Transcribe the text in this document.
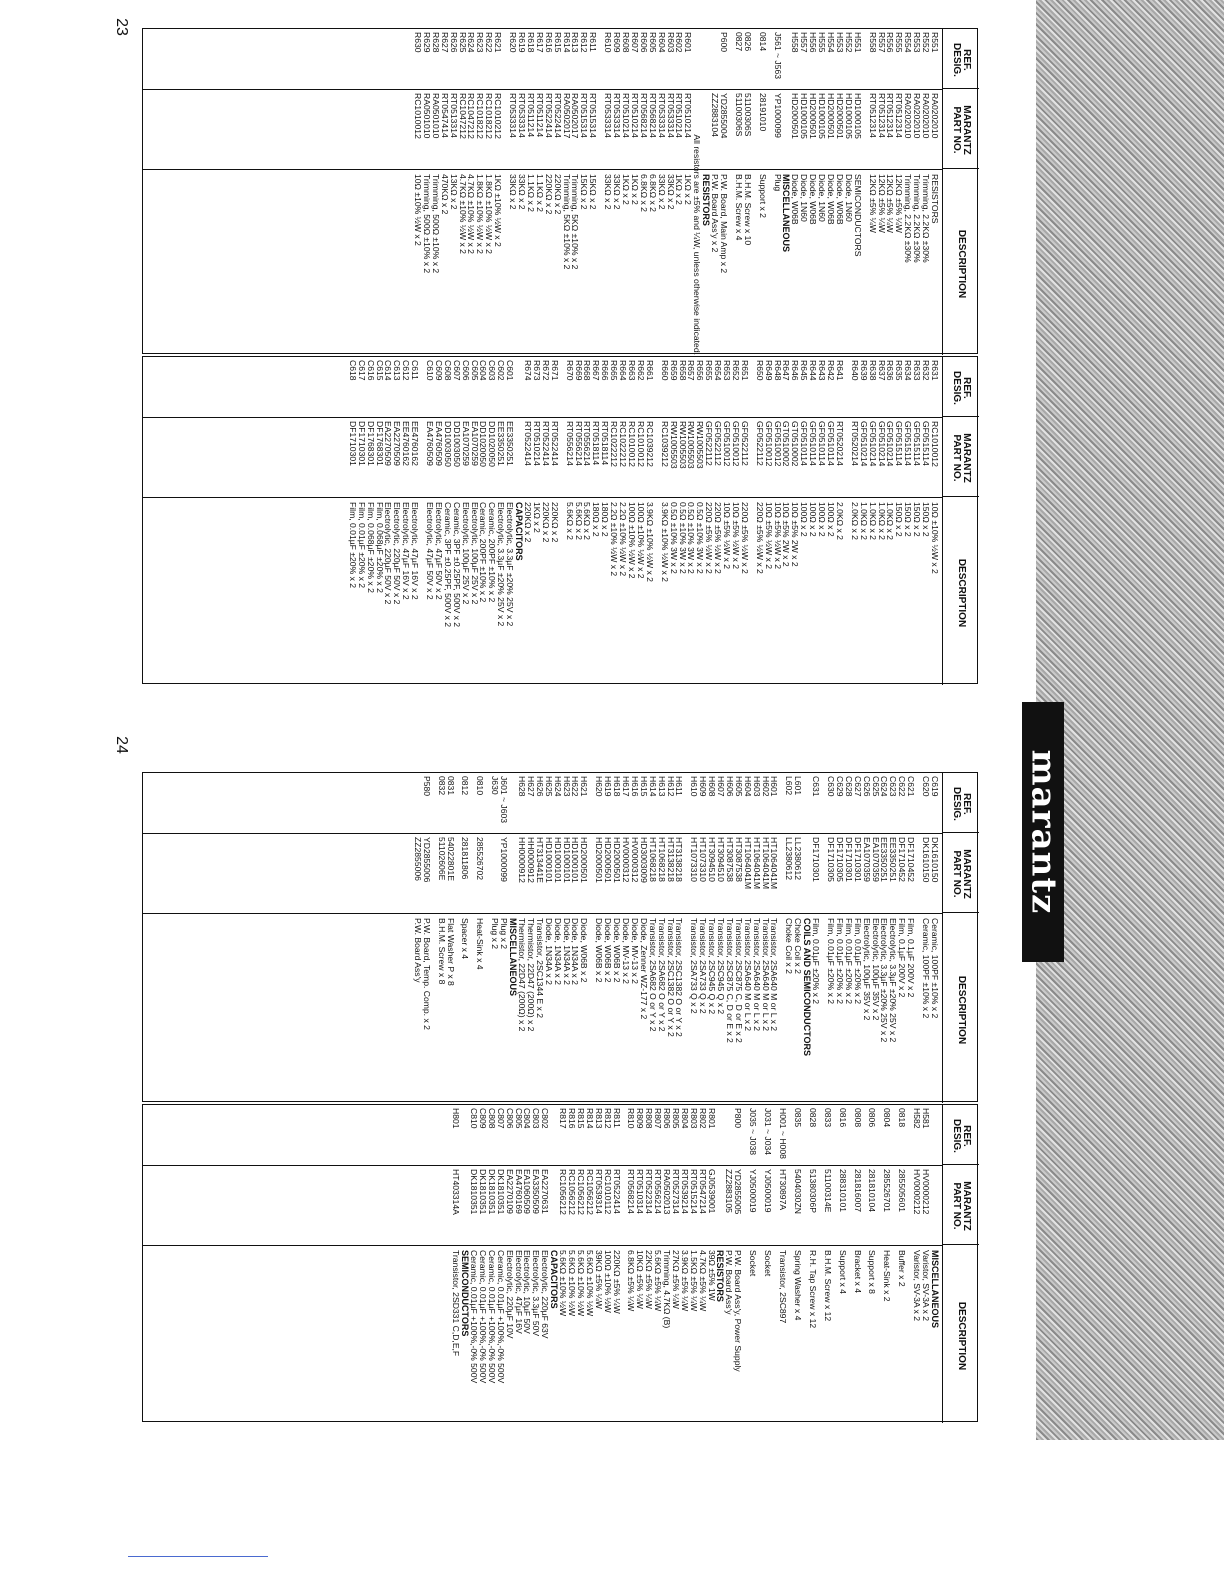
23
24
marantz
REF. DESIG.
MARANTZ PART NO.
DESCRIPTION
R551
RA0202010
RESISTORS
R552
RA0202010
Trimming, 2.2KΩ ±30%
R553
RA0202010
Trimming, 2.2KΩ ±30%
R554
RA0202010
Trimming, 2.2KΩ ±30%
R555
RT0512314
12KΩ ±5% ¼W
R556
RT0512314
12KΩ ±5% ¼W
R557
RT0512314
12KΩ ±5% ¼W
R558
RT0512314
12KΩ ±5% ¼W
H551
HD1000105
SEMICONDUCTORS
H552
HD1000105
Diode, 1N60
H553
HD2000501
Diode, W06B
H554
HD2000501
Diode, W06B
H555
HD1000105
Diode, 1N60
H556
HD2000501
Diode, W06B
H557
HD1000105
Diode, 1N60
H558
HD2000501
Diode, W06B
MISCELLANEOUS
J561 ~ J563
YP1000099
Plug
0814
28191010
Support x 2
0826
51100306S
B.H.M. Screw x 10
0827
51100306S
B.H.M. Screw x 4
P600
YD2855004
P.W. Board, Main Amp x 2
ZZ2883104
P.W. Board Ass'y x 2
RESISTORS
All resistors are ±5% and ¼W, unless otherwise indicated.
R601
RT0510214
1KΩ x 2
R602
RT0510214
1KΩ x 2
R603
RT0533314
33KΩ x 2
R604
RT0533314
33KΩ x 2
R605
RT0568214
6.8KΩ x 2
R606
RT0568214
6.8KΩ x 2
R607
RT0510214
1KΩ x 2
R608
RT0510214
1KΩ x 2
R609
RT0533314
33KΩ x 2
R610
RT0533314
33KΩ x 2
R611
RT0515314
15KΩ x 2
R612
RT0515314
15KΩ x 2
R613
RA0502017
Trimming, 5KΩ ±10% x 2
R614
RA0502017
Trimming, 5KΩ ±10% x 2
R615
RT0522414
220KΩ x 2
R616
RT0522414
220KΩ x 2
R617
RT0511214
1.1KΩ x 2
R618
RT0511214
1.1KΩ x 2
R619
RT0533314
33KΩ x 2
R620
RT0533314
33KΩ x 2
R621
RC1010212
1KΩ ±10% ½W x 2
R622
RC1018212
1.8KΩ ±10% ½W x 2
R623
RC1018212
1.8KΩ ±10% ½W x 2
R624
RC1047212
4.7KΩ ±10% ½W x 2
R625
RC1047212
4.7KΩ ±10% ½W x 2
R626
RT0513314
13KΩ x 2
R627
RT0547414
470KΩ x 2
R628
RA0501010
Trimming, 500Ω ±10% x 2
R629
RA0501010
Trimming, 500Ω ±10% x 2
R630
RC1010012
10Ω ±10% ½W x 2
REF. DESIG.
MARANTZ PART NO.
DESCRIPTION
R631
RC1010012
10Ω ±10% ½W x 2
R632
GF0515114
150Ω x 2
R633
GF0515114
150Ω x 2
R634
GF0515114
150Ω x 2
R635
GF0515114
150Ω x 2
R636
GF0510214
1.0KΩ x 2
R637
GF0510214
1.0KΩ x 2
R638
GF0510214
1.0KΩ x 2
R639
GF0510214
1.0KΩ x 2
R640
RT0520214
2.0KΩ x 2
R641
RT0520214
2.0KΩ x 2
R642
GF0510114
100Ω x 2
R643
GF0510114
100Ω x 2
R644
GF0510114
100Ω x 2
R645
GF0510114
100Ω x 2
R646
GT0510002
10Ω ±5% 2W x 2
R647
GT0510002
10Ω ±5% 2W x 2
R648
GF0510012
10Ω ±5% ½W x 2
R649
GF0510012
10Ω ±5% ½W x 2
R650
GF0522112
220Ω ±5% ½W x 2
R651
GF0522112
220Ω ±5% ½W x 2
R652
GF0510012
10Ω ±5% ½W x 2
R653
GF0510012
10Ω ±5% ½W x 2
R654
GF0522112
220Ω ±5% ½W x 2
R655
GF0522112
220Ω ±5% ½W x 2
R656
RW1005503
0.5Ω ±10% 3W x 2
R657
RW1005503
0.5Ω ±10% 3W x 2
R658
RW1005503
0.5Ω ±10% 3W x 2
R659
RW1005503
0.5Ω ±10% 3W x 2
R660
RC1039212
3.9KΩ ±10% ½W x 2
R661
RC1039212
3.9KΩ ±10% ½W x 2
R662
RC1010012
100Ω ±10% ½W x 2
R663
RC1010012
100Ω ±10% ½W x 2
R664
RC1022212
2.2Ω ±10% ½W x 2
R665
RC1022212
2.2Ω ±10% ½W x 2
R666
RT0518114
180Ω x 2
R667
RT0518114
180Ω x 2
R668
RT0556214
5.6KΩ x 2
R669
RT0556214
5.6KΩ x 2
R670
RT0556214
5.6KΩ x 2
R671
RT0522414
220KΩ x 2
R672
RT0522414
220KΩ x 2
R673
RT0510214
1KΩ x 2
R674
RT0522414
220KΩ x 2
CAPACITORS
C601
EE3350251
Electrolytic, 3.3µF ±20% 25V x 2
C602
EE3350251
Electrolytic, 3.3µF ±20% 25V x 2
C603
DD1020050
Ceramic, 200PF ±10% x 2
C604
DD1020050
Ceramic, 200PF ±10% x 2
C605
EA1070259
Electrolytic, 100µF 25V x 2
C606
EA1070259
Electrolytic, 100µF 25V x 2
C607
DD1003050
Ceramic, 3PF ±0.25PF, 500V x 2
C608
DD1003050
Ceramic, 3PF ±0.25PF, 500V x 2
C609
EA4760509
Electrolytic, 47µF 50V x 2
C610
EA4760509
Electrolytic, 47µF 50V x 2
C611
EE4760162
Electrolytic, 47µF 16V x 2
C612
EE4760162
Electrolytic, 47µF 16V x 2
C613
EA2270509
Electrolytic, 220µF 50V x 2
C614
EA2270509
Electrolytic, 220µF 50V x 2
C615
DF1768301
Film, 0.068µF ±20% x 2
C616
DF1768301
Film, 0.068µF ±20% x 2
C617
DF1710301
Film, 0.01µF ±20% x 2
C618
DF1710301
Film, 0.01µF ±20% x 2
REF. DESIG.
MARANTZ PART NO.
DESCRIPTION
C619
DK1610150
Ceramic, 100PF ±10% x 2
C620
DK1610150
Ceramic, 100PF ±10% x 2
C621
DF1710452
Film, 0.1µF 200V x 2
C622
DF1710452
Film, 0.1µF 200V x 2
C623
EE3350251
Electrolytic, 3.3µF ±20% 25V x 2
C624
EE3350251
Electrolytic, 3.3µF ±20% 25V x 2
C625
EA1070359
Electrolytic, 100µF 35V x 2
C626
EA1070359
Electrolytic, 100µF 35V x 2
C627
DF1710301
Film, 0.01µF ±20% x 2
C628
DF1710301
Film, 0.01µF ±20% x 2
C629
DF1710305
Film, 0.01µF ±20% x 2
C630
DF1710305
Film, 0.01µF ±20% x 2
C631
DF1710301
Film, 0.01µF ±20% x 2
COILS AND SEMICONDUCTORS
L601
LL2380612
Choke Coil x 2
L602
LL2380612
Choke Coil x 2
H601
HT1064041M
Transistor, 2SA640 M or L x 2
H602
HT1064041M
Transistor, 2SA640 M or L x 2
H603
HT1064041M
Transistor, 2SA640 M or L x 2
H604
HT1064041M
Transistor, 2SA640 M or L x 2
H605
HT3087538
Transistor, 2SC875 C, D or E x 2
H606
HT3087538
Transistor, 2SC875 C, D or E x 2
H607
HT3094510
Transistor, 2SC945 Q x 2
H608
HT3094510
Transistor, 2SC945 Q x 2
H609
HT1073310
Transistor, 2SA733 Q x 2
H610
HT1073310
Transistor, 2SA733 Q x 2
H611
HT3138218
Transistor, 2SC1382 O or Y x 2
H612
HT3138218
Transistor, 2SC1382 O or Y x 2
H613
HT1068218
Transistor, 2SA682 O or Y x 2
H614
HT1068218
Transistor, 2SA682 O or Y x 2
H615
HD3003009
Diode, Zenner WZ-177 x 2
H616
HV0000312
Diode, MV-13 x 2
H617
HV0000312
Diode, MV-13 x 2
H618
HD2000501
Diode, W06B x 2
H619
HD2000501
Diode, W06B x 2
H620
HD2000501
Diode, W06B x 2
H621
HD2000501
Diode, W06B x 2
H622
HD1000101
Diode, 1N34A x 2
H623
HD1000101
Diode, 1N34A x 2
H624
HD1000101
Diode, 1N34A x 2
H625
HD1000101
Diode, 1N34A x 2
H626
HT313441E
Transistor, 2SC1344 E x 2
H627
HH0000912
Thermistor, 22D47 (200Ω) x 2
H628
HH0000912
Thermistor, 22D47 (200Ω) x 2
MISCELLANEOUS
J601 ~ J603
YP1000099
Plug x 2
J630
Plug x 2
0810
285526702
Heat-Sink x 4
0812
281811806
Spacer x 4
0831
54022801E
Flat Washer P x 8
0832
51102606E
B.H.M. Screw x 8
P580
YD2855006
P.W. Board, Temp. Comp. x 2
ZZ2855006
P.W. Board Ass'y
REF. DESIG.
MARANTZ PART NO.
DESCRIPTION
MISCELLANEOUS
H581
HV0000212
Varistor, SV-3A x 2
H582
HV0000212
Varistor, SV-3A x 2
0818
285505601
Buffer x 2
0804
285526701
Heat-Sink x 2
0806
281810104
Support x 8
0808
281816007
Bracket x 4
0816
288310101
Support x 4
0833
51100314E
B.H.M. Screw x 12
0828
51380306P
R.H. Tap Screw x 12
0835
5404030ZN
Spring Washer x 4
H001 ~ H008
HT30897A
Transistor, 2SC897
J031 ~ J034
YJ0500019
Socket
J035 ~ J038
YJ0500019
Socket
P800
YD2855005
P.W. Board Ass'y, Power Supply
ZZ2883105
P.W. Board Ass'y
RESISTORS
R801
GJ0539001
39Ω ±5% 1W
R802
RT0547214
4.7KΩ ±5% ¼W
R803
RT0515214
1.5KΩ ±5% ¼W
R804
RT0539214
3.9KΩ ±5% ¼W
R805
RT0527314
27KΩ ±5% ¼W
R806
RA0502013
Trimming, 4.7KΩ (B)
R807
RT0556214
5.6KΩ ±5% ¼W
R808
RT0522314
22KΩ ±5% ¼W
R809
RT0510314
10KΩ ±5% ¼W
R810
RT0568214
6.8KΩ ±5% ¼W
R811
RT0522414
220KΩ ±5% ¼W
R812
RC1010112
100Ω ±10% ½W
R813
RT0539314
39KΩ ±5% ¼W
R814
RC1056212
5.6KΩ ±10% ½W
R815
RC1056212
5.6KΩ ±10% ½W
R816
RC1056212
5.6KΩ ±10% ½W
R817
RC1056212
5.6KΩ ±10% ½W
CAPACITORS
C802
EA2270631
Electrolytic, 220µF 63V
C803
EA3350509
Electrolytic, 3.3µF 50V
C804
EA1060509
Electrolytic, 10µF 50V
C805
EA4760169
Electrolytic, 47µF 16V
C806
EA2270109
Electrolytic, 220µF 10V
C807
DK1810351
Ceramic, 0.01µF +100%,-0% 500V
C808
DK1810351
Ceramic, 0.01µF +100%,-0% 500V
C809
DK1810351
Ceramic, 0.01µF +100%,-0% 500V
C810
DK1810351
Ceramic, 0.01µF +100%,-0% 500V
SEMICONDUCTORS
H801
HT403314A
Transistor, 2SD331 C,D,E,F
